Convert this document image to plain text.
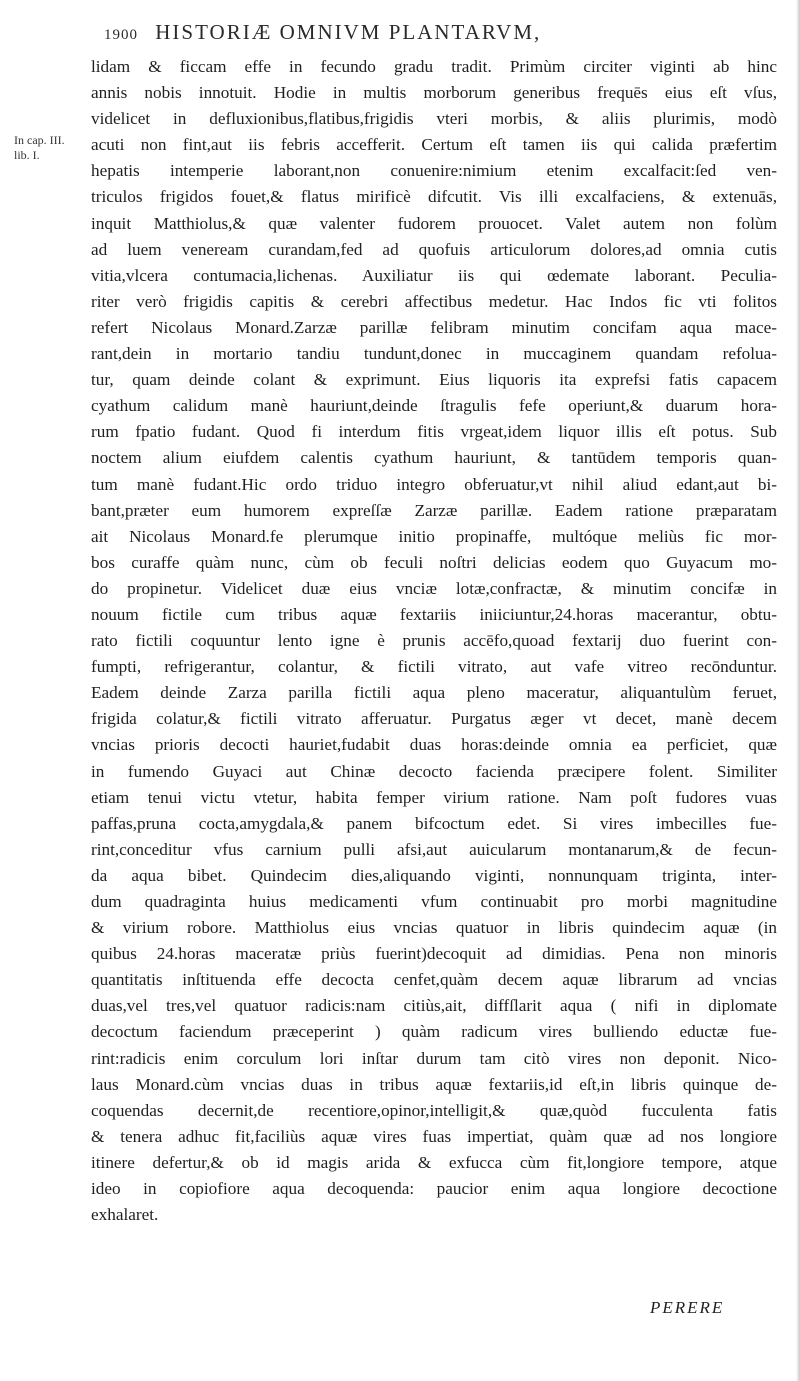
1900 HISTORIÆ OMNIVM PLANTARVM,
In cap. III.
lib. I.
lidam & ficcam effe in fecundo gradu tradit. Primùm circiter viginti ab hinc
annis nobis innotuit. Hodie in multis morborum generibus frequēs eius eſt vſus,
videlicet in defluxionibus,flatibus,frigidis vteri morbis, & aliis plurimis, modò
acuti non fint,aut iis febris accefferit. Certum eſt tamen iis qui calida præfertim
hepatis intemperie laborant,non conuenire:nimium etenim excalfacit:ſed ven-
triculos frigidos fouet,& flatus mirificè difcutit. Vis illi excalfaciens, & extenuās,
inquit Matthiolus,& quæ valenter fudorem prouocet. Valet autem non folùm
ad luem veneream curandam,fed ad quofuis articulorum dolores,ad omnia cutis
vitia,vlcera contumacia,lichenas. Auxiliatur iis qui œdemate laborant. Peculia-
riter verò frigidis capitis & cerebri affectibus medetur. Hac Indos fic vti folitos
refert Nicolaus Monard.Zarzæ parillæ felibram minutim concifam aqua mace-
rant,dein in mortario tandiu tundunt,donec in muccaginem quandam refolua-
tur, quam deinde colant & exprimunt. Eius liquoris ita exprefsi fatis capacem
cyathum calidum manè hauriunt,deinde ſtragulis fefe operiunt,& duarum hora-
rum fpatio fudant. Quod fi interdum fitis vrgeat,idem liquor illis eſt potus. Sub
noctem alium eiufdem calentis cyathum hauriunt, & tantūdem temporis quan-
tum manè fudant.Hic ordo triduo integro obferuatur,vt nihil aliud edant,aut bi-
bant,præter eum humorem expreſſæ Zarzæ parillæ. Eadem ratione præparatam
ait Nicolaus Monard.fe plerumque initio propinaffe, multóque meliùs fic mor-
bos curaffe quàm nunc, cùm ob feculi noſtri delicias eodem quo Guyacum mo-
do propinetur. Videlicet duæ eius vnciæ lotæ,confractæ, & minutim concifæ in
nouum fictile cum tribus aquæ fextariis iniiciuntur,24.horas macerantur, obtu-
rato fictili coquuntur lento igne è prunis accēfo,quoad fextarij duo fuerint con-
fumpti, refrigerantur, colantur, & fictili vitrato, aut vafe vitreo recōnduntur.
Eadem deinde Zarza parilla fictili aqua pleno maceratur, aliquantulùm feruet,
frigida colatur,& fictili vitrato afferuatur. Purgatus æger vt decet, manè decem
vncias prioris decocti hauriet,fudabit duas horas:deinde omnia ea perficiet, quæ
in fumendo Guyaci aut Chinæ decocto facienda præcipere folent. Similiter
etiam tenui victu vtetur, habita femper virium ratione. Nam poſt fudores vuas
paffas,pruna cocta,amygdala,& panem bifcoctum edet. Si vires imbecilles fue-
rint,conceditur vfus carnium pulli afsi,aut auicularum montanarum,& de fecun-
da aqua bibet. Quindecim dies,aliquando viginti, nonnunquam triginta, inter-
dum quadraginta huius medicamenti vfum continuabit pro morbi magnitudine
& virium robore. Matthiolus eius vncias quatuor in libris quindecim aquæ (in
quibus 24.horas maceratæ priùs fuerint)decoquit ad dimidias. Pena non minoris
quantitatis inſtituenda effe decocta cenfet,quàm decem aquæ librarum ad vncias
duas,vel tres,vel quatuor radicis:nam citiùs,ait, diffſlarit aqua ( nifi in diplomate
decoctum faciendum præceperint ) quàm radicum vires bulliendo eductæ fue-
rint:radicis enim corculum lori inſtar durum tam citò vires non deponit. Nico-
laus Monard.cùm vncias duas in tribus aquæ fextariis,id eſt,in libris quinque de-
coquendas decernit,de recentiore,opinor,intelligit,& quæ,quòd fucculenta fatis
& tenera adhuc fit,faciliùs aquæ vires fuas impertiat, quàm quæ ad nos longiore
itinere defertur,& ob id magis arida & exfucca cùm fit,longiore tempore, atque
ideo in copiofiore aqua decoquenda: paucior enim aqua longiore decoctione
exhalaret.
PERERE
